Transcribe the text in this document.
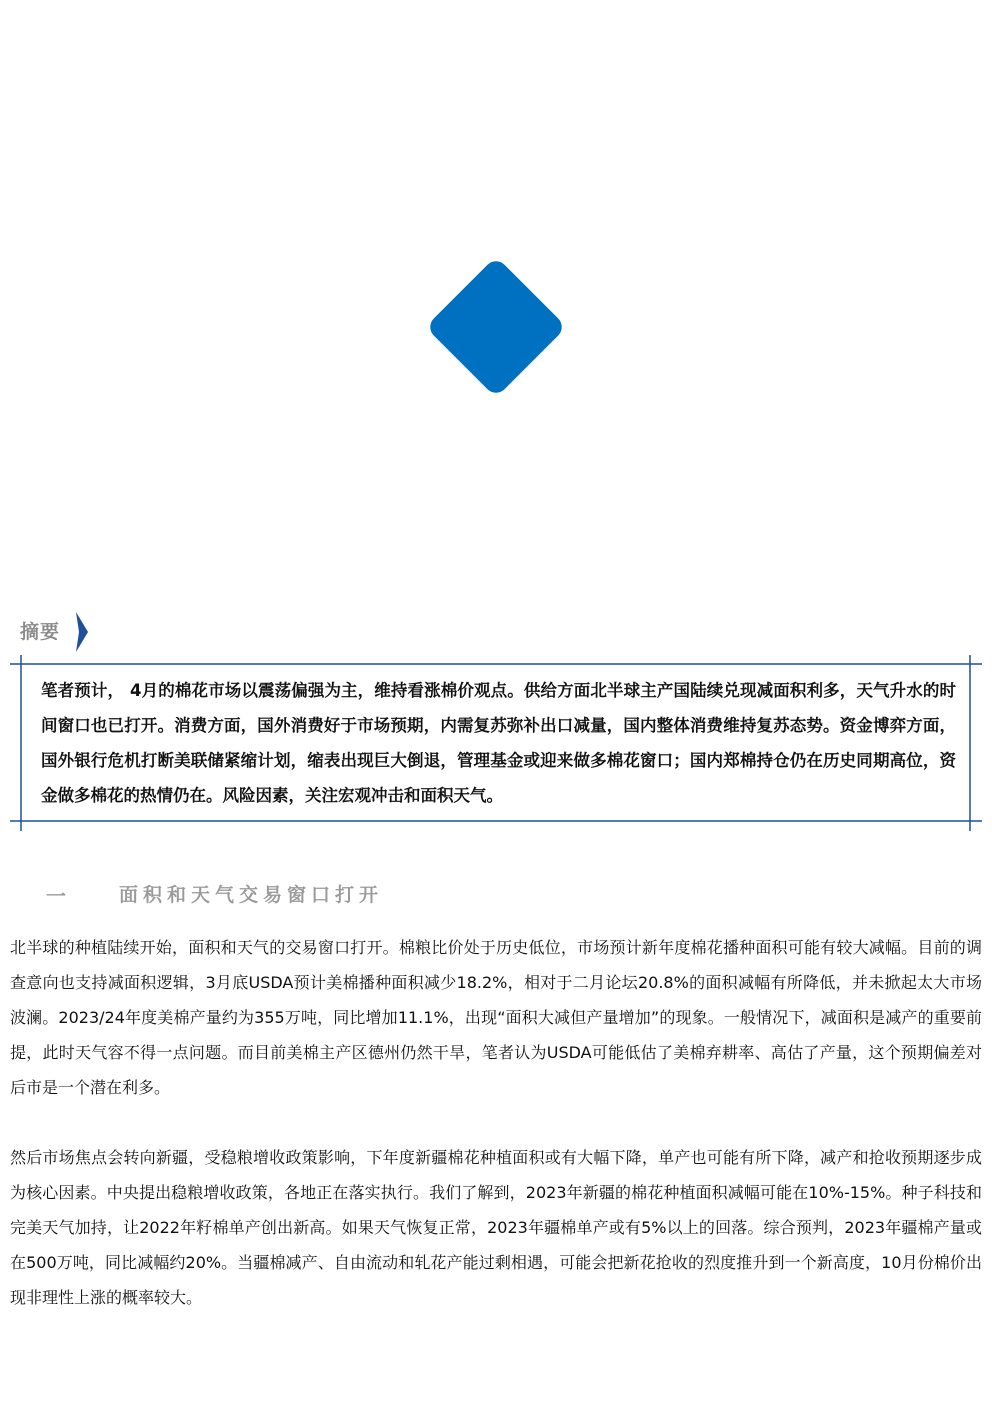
摘要
笔者预计， 4月的棉花市场以震荡偏强为主，维持看涨棉价观点。供给方面北半球主产国陆续兑现减面积利多，天气升水的时间窗口也已打开。消费方面，国外消费好于市场预期，内需复苏弥补出口减量，国内整体消费维持复苏态势。资金博弈方面，国外银行危机打断美联储紧缩计划，缩表出现巨大倒退，管理基金或迎来做多棉花窗口；国内郑棉持仓仍在历史同期高位，资金做多棉花的热情仍在。风险因素，关注宏观冲击和面积天气。
一	面积和天气交易窗口打开

北半球的种植陆续开始，面积和天气的交易窗口打开。棉粮比价处于历史低位，市场预计新年度棉花播种面积可能有较大减幅。目前的调查意向也支持减面积逻辑，3月底USDA预计美棉播种面积减少18.2%，相对于二月论坛20.8%的面积减幅有所降低，并未掀起太大市场波澜。2023/24年度美棉产量约为355万吨，同比增加11.1%，出现“面积大减但产量增加”的现象。一般情况下，减面积是减产的重要前提，此时天气容不得一点问题。而目前美棉主产区德州仍然干旱，笔者认为USDA可能低估了美棉弃耕率、高估了产量，这个预期偏差对后市是一个潜在利多。

然后市场焦点会转向新疆，受稳粮增收政策影响，下年度新疆棉花种植面积或有大幅下降，单产也可能有所下降，减产和抢收预期逐步成为核心因素。中央提出稳粮增收政策，各地正在落实执行。我们了解到，2023年新疆的棉花种植面积减幅可能在10%-15%。种子科技和完美天气加持，让2022年籽棉单产创出新高。如果天气恢复正常，2023年疆棉单产或有5%以上的回落。综合预判，2023年疆棉产量或在500万吨，同比减幅约20%。当疆棉减产、自由流动和轧花产能过剩相遇，可能会把新花抢收的烈度推升到一个新高度，10月份棉价出现非理性上涨的概率较大。
